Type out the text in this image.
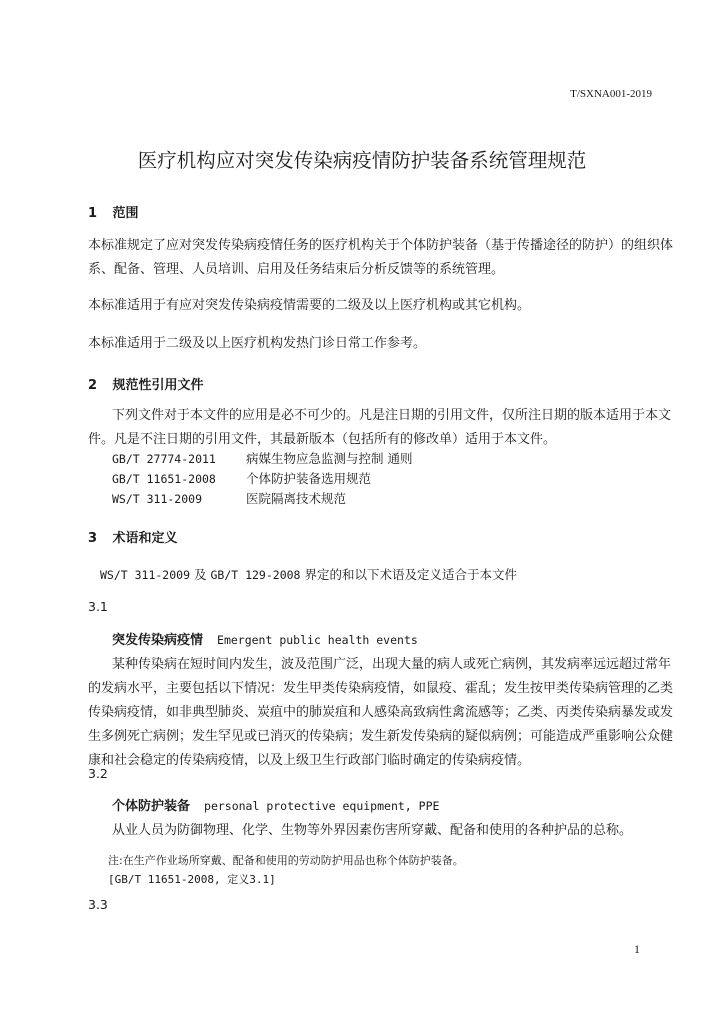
T/SXNA001-2019
医疗机构应对突发传染病疫情防护装备系统管理规范
1 范围
本标准规定了应对突发传染病疫情任务的医疗机构关于个体防护装备（基于传播途径的防护）的组织体
系、配备、管理、人员培训、启用及任务结束后分析反馈等的系统管理。
本标准适用于有应对突发传染病疫情需要的二级及以上医疗机构或其它机构。
本标准适用于二级及以上医疗机构发热门诊日常工作参考。
2 规范性引用文件
下列文件对于本文件的应用是必不可少的。凡是注日期的引用文件，仅所注日期的版本适用于本文
件。凡是不注日期的引用文件，其最新版本（包括所有的修改单）适用于本文件。
GB/T 27774-2011 病媒生物应急监测与控制 通则
GB/T 11651-2008 个体防护装备选用规范
WS/T 311-2009	医院隔离技术规范
3 术语和定义
WS/T 311-2009 及 GB/T 129-2008 界定的和以下术语及定义适合于本文件
3.1
突发传染病疫情 Emergent public health events
某种传染病在短时间内发生，波及范围广泛，出现大量的病人或死亡病例，其发病率远远超过常年
的发病水平，主要包括以下情况：发生甲类传染病疫情，如鼠疫、霍乱；发生按甲类传染病管理的乙类
传染病疫情，如非典型肺炎、炭疽中的肺炭疽和人感染高致病性禽流感等；乙类、丙类传染病暴发或发
生多例死亡病例；发生罕见或已消灭的传染病；发生新发传染病的疑似病例；可能造成严重影响公众健
康和社会稳定的传染病疫情，以及上级卫生行政部门临时确定的传染病疫情。
3.2
个体防护装备 personal protective equipment, PPE
从业人员为防御物理、化学、生物等外界因素伤害所穿戴、配备和使用的各种护品的总称。
注:在生产作业场所穿戴、配备和使用的劳动防护用品也称个体防护装备。
[GB/T 11651-2008, 定义3.1]
3.3
1
